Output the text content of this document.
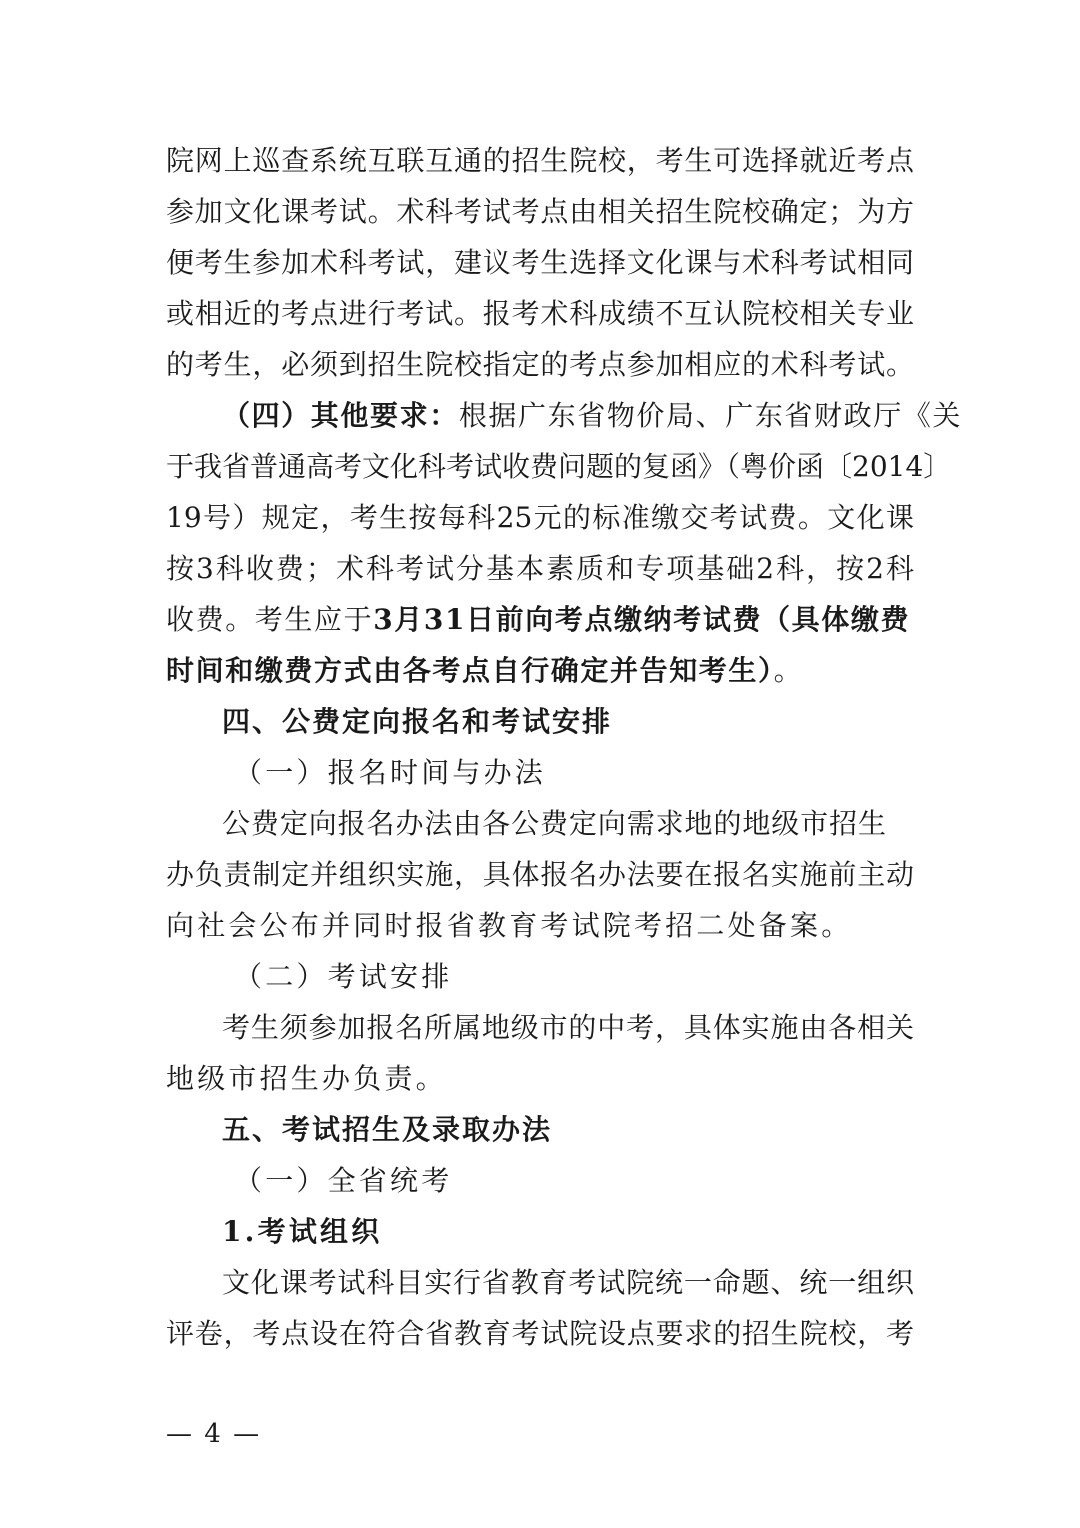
院网上巡查系统互联互通的招生院校，考生可选择就近考点
参加文化课考试。术科考试考点由相关招生院校确定；为方
便考生参加术科考试，建议考生选择文化课与术科考试相同
或相近的考点进行考试。报考术科成绩不互认院校相关专业
的考生，必须到招生院校指定的考点参加相应的术科考试。
（四）其他要求：根据广东省物价局、广东省财政厅《关
于我省普通高考文化科考试收费问题的复函》（粤价函〔2014〕
19号）规定，考生按每科25元的标准缴交考试费。文化课
按3科收费；术科考试分基本素质和专项基础2科，按2科
收费。考生应于3月31日前向考点缴纳考试费（具体缴费
时间和缴费方式由各考点自行确定并告知考生）。
四、公费定向报名和考试安排
（一）报名时间与办法
公费定向报名办法由各公费定向需求地的地级市招生
办负责制定并组织实施，具体报名办法要在报名实施前主动
向社会公布并同时报省教育考试院考招二处备案。
（二）考试安排
考生须参加报名所属地级市的中考，具体实施由各相关
地级市招生办负责。
五、考试招生及录取办法
（一）全省统考
1.考试组织
文化课考试科目实行省教育考试院统一命题、统一组织
评卷，考点设在符合省教育考试院设点要求的招生院校，考
— 4 —
